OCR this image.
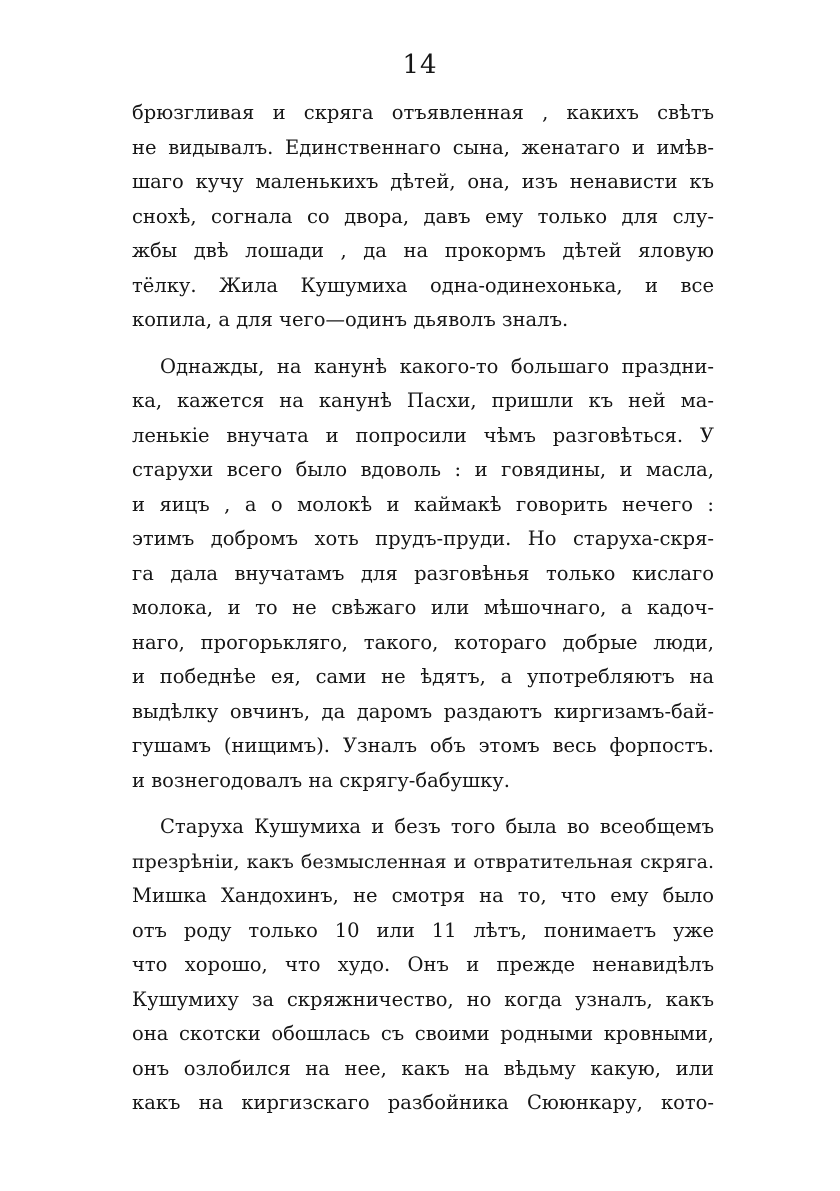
14
брюзгливая и скряга отъявленная , какихъ свѣтъ
не видывалъ. Единственнаго сына, женатаго и имѣв-
шаго кучу маленькихъ дѣтей, она, изъ ненависти къ
снохѣ, согнала со двора, давъ ему только для слу-
жбы двѣ лошади , да на прокормъ дѣтей яловую
тёлку. Жила Кушумиха одна-одинехонька, и все
копила, а для чего—одинъ дьяволъ зналъ.
Однажды, на канунѣ какого-то большаго праздни-
ка, кажется на канунѣ Пасхи, пришли къ ней ма-
ленькіе внучата и попросили чѣмъ разговѣться. У
старухи всего было вдоволь : и говядины, и масла,
и яицъ , а о молокѣ и каймакѣ говорить нечего :
этимъ добромъ хоть прудъ-пруди. Но старуха-скря-
га дала внучатамъ для разговѣнья только кислаго
молока, и то не свѣжаго или мѣшочнаго, а кадоч-
наго, прогорькляго, такого, котораго добрые люди,
и победнѣе ея, сами не ѣдятъ, а употребляютъ на
выдѣлку овчинъ, да даромъ раздаютъ киргизамъ-бай-
гушамъ (нищимъ). Узналъ объ этомъ весь форпостъ.
и вознегодовалъ на скрягу-бабушку.
Старуха Кушумиха и безъ того была во всеобщемъ
презрѣніи, какъ безмысленная и отвратительная скряга.
Мишка Хандохинъ, не смотря на то, что ему было
отъ роду только 10 или 11 лѣтъ, понимаетъ уже
что хорошо, что худо. Онъ и прежде ненавидѣлъ
Кушумиху за скряжничество, но когда узналъ, какъ
она скотски обошлась съ своими родными кровными,
онъ озлобился на нее, какъ на вѣдьму какую, или
какъ на киргизскаго разбойника Сююнкару, кото-
